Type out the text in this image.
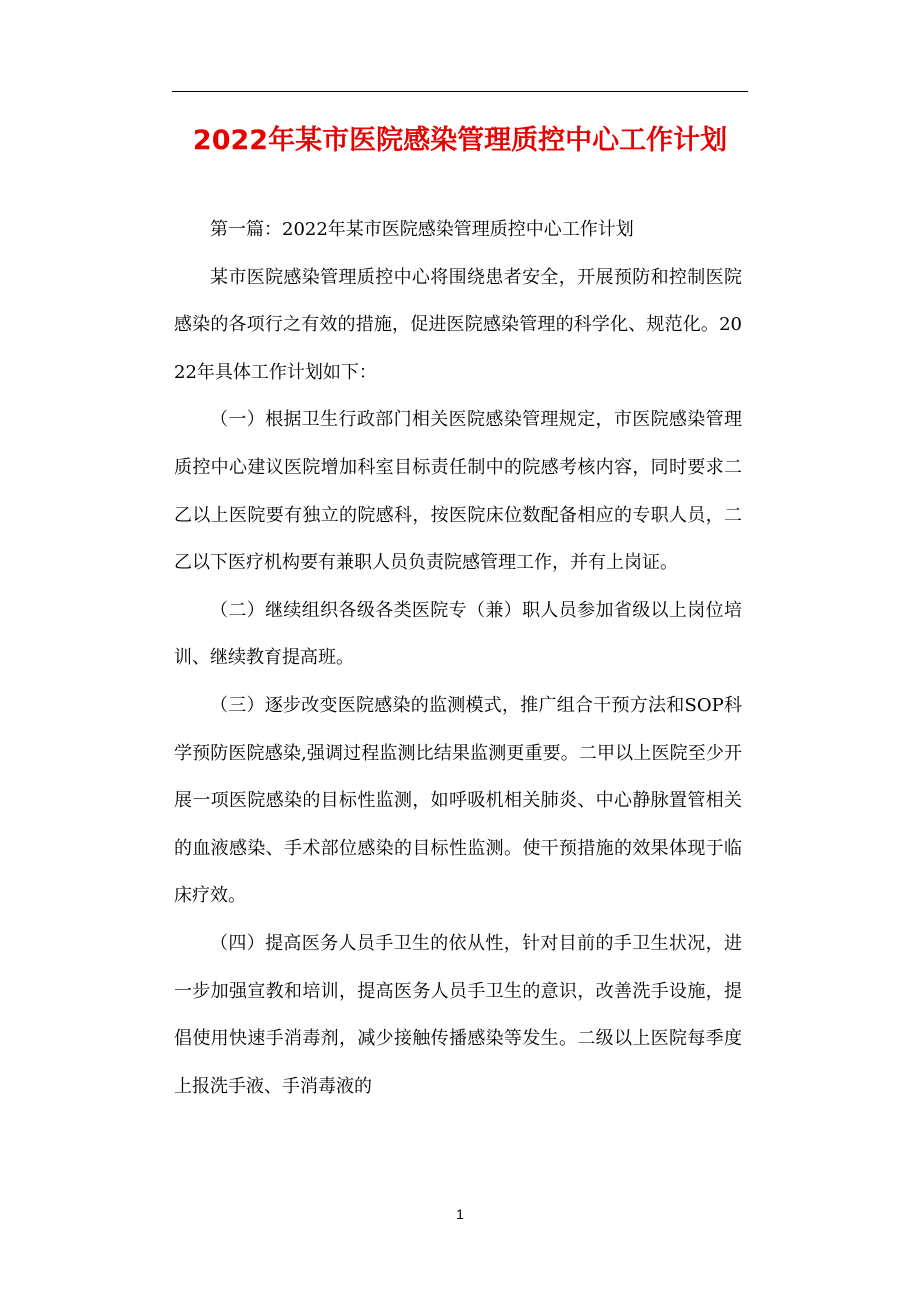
2022年某市医院感染管理质控中心工作计划

第一篇：2022年某市医院感染管理质控中心工作计划

某市医院感染管理质控中心将围绕患者安全，开展预防和控制医院感染的各项行之有效的措施，促进医院感染管理的科学化、规范化。2022年具体工作计划如下：

（一）根据卫生行政部门相关医院感染管理规定，市医院感染管理质控中心建议医院增加科室目标责任制中的院感考核内容，同时要求二乙以上医院要有独立的院感科，按医院床位数配备相应的专职人员，二乙以下医疗机构要有兼职人员负责院感管理工作，并有上岗证。

（二）继续组织各级各类医院专（兼）职人员参加省级以上岗位培训、继续教育提高班。

（三）逐步改变医院感染的监测模式，推广组合干预方法和SOP科学预防医院感染,强调过程监测比结果监测更重要。二甲以上医院至少开展一项医院感染的目标性监测，如呼吸机相关肺炎、中心静脉置管相关的血液感染、手术部位感染的目标性监测。使干预措施的效果体现于临床疗效。

（四）提高医务人员手卫生的依从性，针对目前的手卫生状况，进一步加强宣教和培训，提高医务人员手卫生的意识，改善洗手设施，提倡使用快速手消毒剂，减少接触传播感染等发生。二级以上医院每季度上报洗手液、手消毒液的

1
